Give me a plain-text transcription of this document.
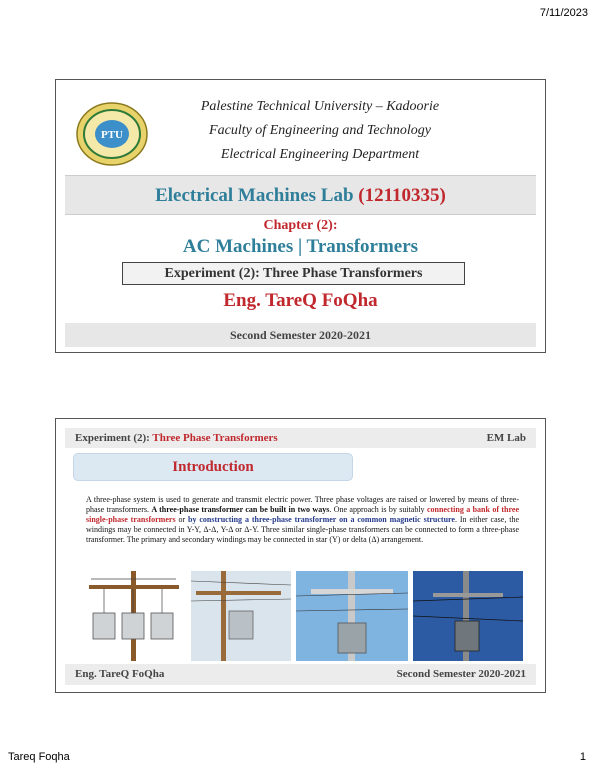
7/11/2023
PTU
Palestine Technical University – Kadoorie
Faculty of Engineering and Technology
Electrical Engineering Department
Electrical Machines Lab (12110335)
Chapter (2):
AC Machines | Transformers
Experiment (2): Three Phase Transformers
Eng. TareQ FoQha
Second Semester 2020-2021
Experiment (2): Three Phase Transformers	EM Lab
Introduction
A three-phase system is used to generate and transmit electric power. Three phase voltages are raised or lowered by means of three-phase transformers. A three-phase transformer can be built in two ways. One approach is by suitably connecting a bank of three single-phase transformers or by constructing a three-phase transformer on a common magnetic structure. In either case, the windings may be connected in Y-Y, Δ-Δ, Y-Δ or Δ-Y. Three similar single-phase transformers can be connected to form a three-phase transformer. The primary and secondary windings may be connected in star (Y) or delta (Δ) arrangement.
Eng. TareQ FoQha	Second Semester 2020-2021
Tareq Foqha	1
